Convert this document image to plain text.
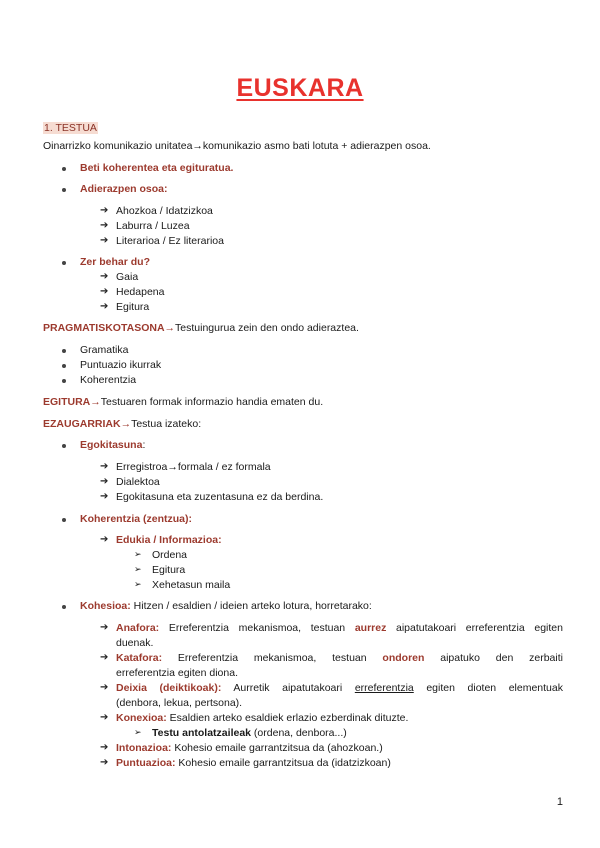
EUSKARA
1. TESTUA
Oinarrizko komunikazio unitatea→komunikazio asmo bati lotuta + adierazpen osoa.
Beti koherentea eta egituratua.
Adierazpen osoa:
➔ Ahozkoa / Idatzizkoa
➔ Laburra / Luzea
➔ Literarioa / Ez literarioa
Zer behar du?
➔ Gaia
➔ Hedapena
➔ Egitura
PRAGMATISKOTASONA→Testuingurua zein den ondo adieraztea.
Gramatika
Puntuazio ikurrak
Koherentzia
EGITURA→Testuaren formak informazio handia ematen du.
EZAUGARRIAK→Testua izateko:
Egokitasuna:
➔ Erregistroa→formala / ez formala
➔ Dialektoa
➔ Egokitasuna eta zuzentasuna ez da berdina.
Koherentzia (zentzua):
➔ Edukia / Informazioa:
➢ Ordena
➢ Egitura
➢ Xehetasun maila
Kohesioa: Hitzen / esaldien / ideien arteko lotura, horretarako:
➔ Anafora: Erreferentzia mekanismoa, testuan aurrez aipatutakoari erreferentzia egiten
duenak.
➔ Katafora: Erreferentzia mekanismoa, testuan ondoren aipatuko den zerbaiti
erreferentzia egiten diona.
➔ Deixia (deiktikoak): Aurretik aipatutakoari erreferentzia egiten dioten elementuak
(denbora, lekua, pertsona).
➔ Konexioa: Esaldien arteko esaldiek erlazio ezberdinak dituzte.
➢ Testu antolatzaileak (ordena, denbora...)
➔ Intonazioa: Kohesio emaile garrantzitsua da (ahozkoan.)
➔ Puntuazioa: Kohesio emaile garrantzitsua da (idatzizkoan)
1
